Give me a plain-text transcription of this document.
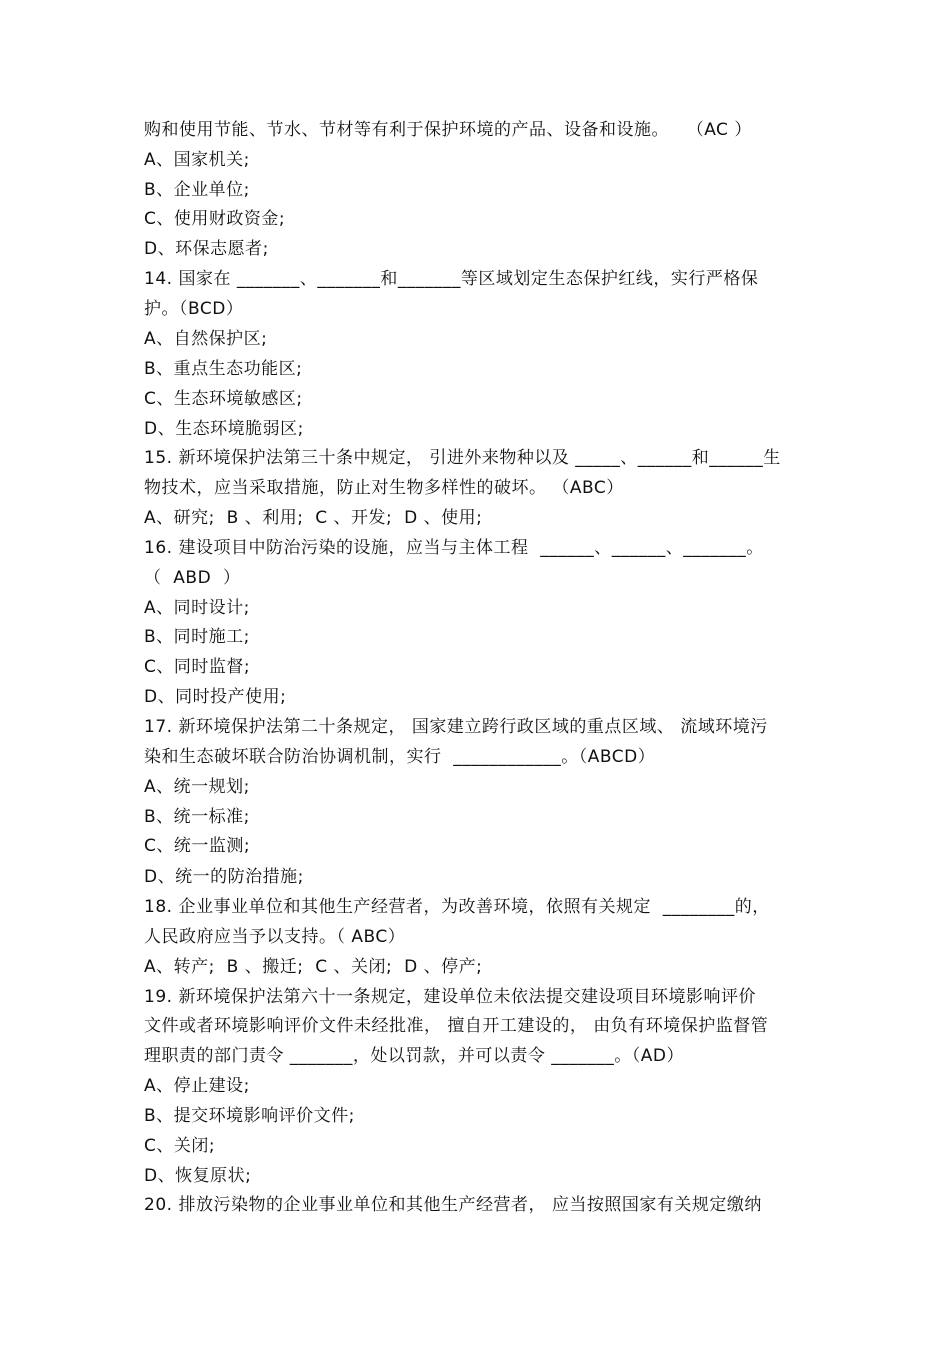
购和使用节能、节水、节材等有利于保护环境的产品、设备和设施。   （AC ）
A、国家机关;
B、企业单位;
C、使用财政资金;
D、环保志愿者;
14. 国家在 _______、_______和_______等区域划定生态保护红线，实行严格保
护。（BCD）
A、自然保护区;
B、重点生态功能区;
C、生态环境敏感区;
D、生态环境脆弱区;
15. 新环境保护法第三十条中规定， 引进外来物种以及 _____、______和______生
物技术，应当采取措施，防止对生物多样性的破坏。 （ABC）
A、研究;  B 、利用;  C 、开发;  D 、使用;
16. 建设项目中防治污染的设施，应当与主体工程  ______、______、_______。
（  ABD  ）
A、同时设计;
B、同时施工;
C、同时监督;
D、同时投产使用;
17. 新环境保护法第二十条规定， 国家建立跨行政区域的重点区域、 流域环境污
染和生态破坏联合防治协调机制，实行  ____________。（ABCD）
A、统一规划;
B、统一标准;
C、统一监测;
D、统一的防治措施;
18. 企业事业单位和其他生产经营者，为改善环境，依照有关规定  ________的，
人民政府应当予以支持。（ ABC）
A、转产;  B 、搬迁;  C 、关闭;  D 、停产;
19. 新环境保护法第六十一条规定，建设单位未依法提交建设项目环境影响评价
文件或者环境影响评价文件未经批准， 擅自开工建设的， 由负有环境保护监督管
理职责的部门责令 _______，处以罚款，并可以责令 _______。（AD）
A、停止建设;
B、提交环境影响评价文件;
C、关闭;
D、恢复原状;
20. 排放污染物的企业事业单位和其他生产经营者， 应当按照国家有关规定缴纳
